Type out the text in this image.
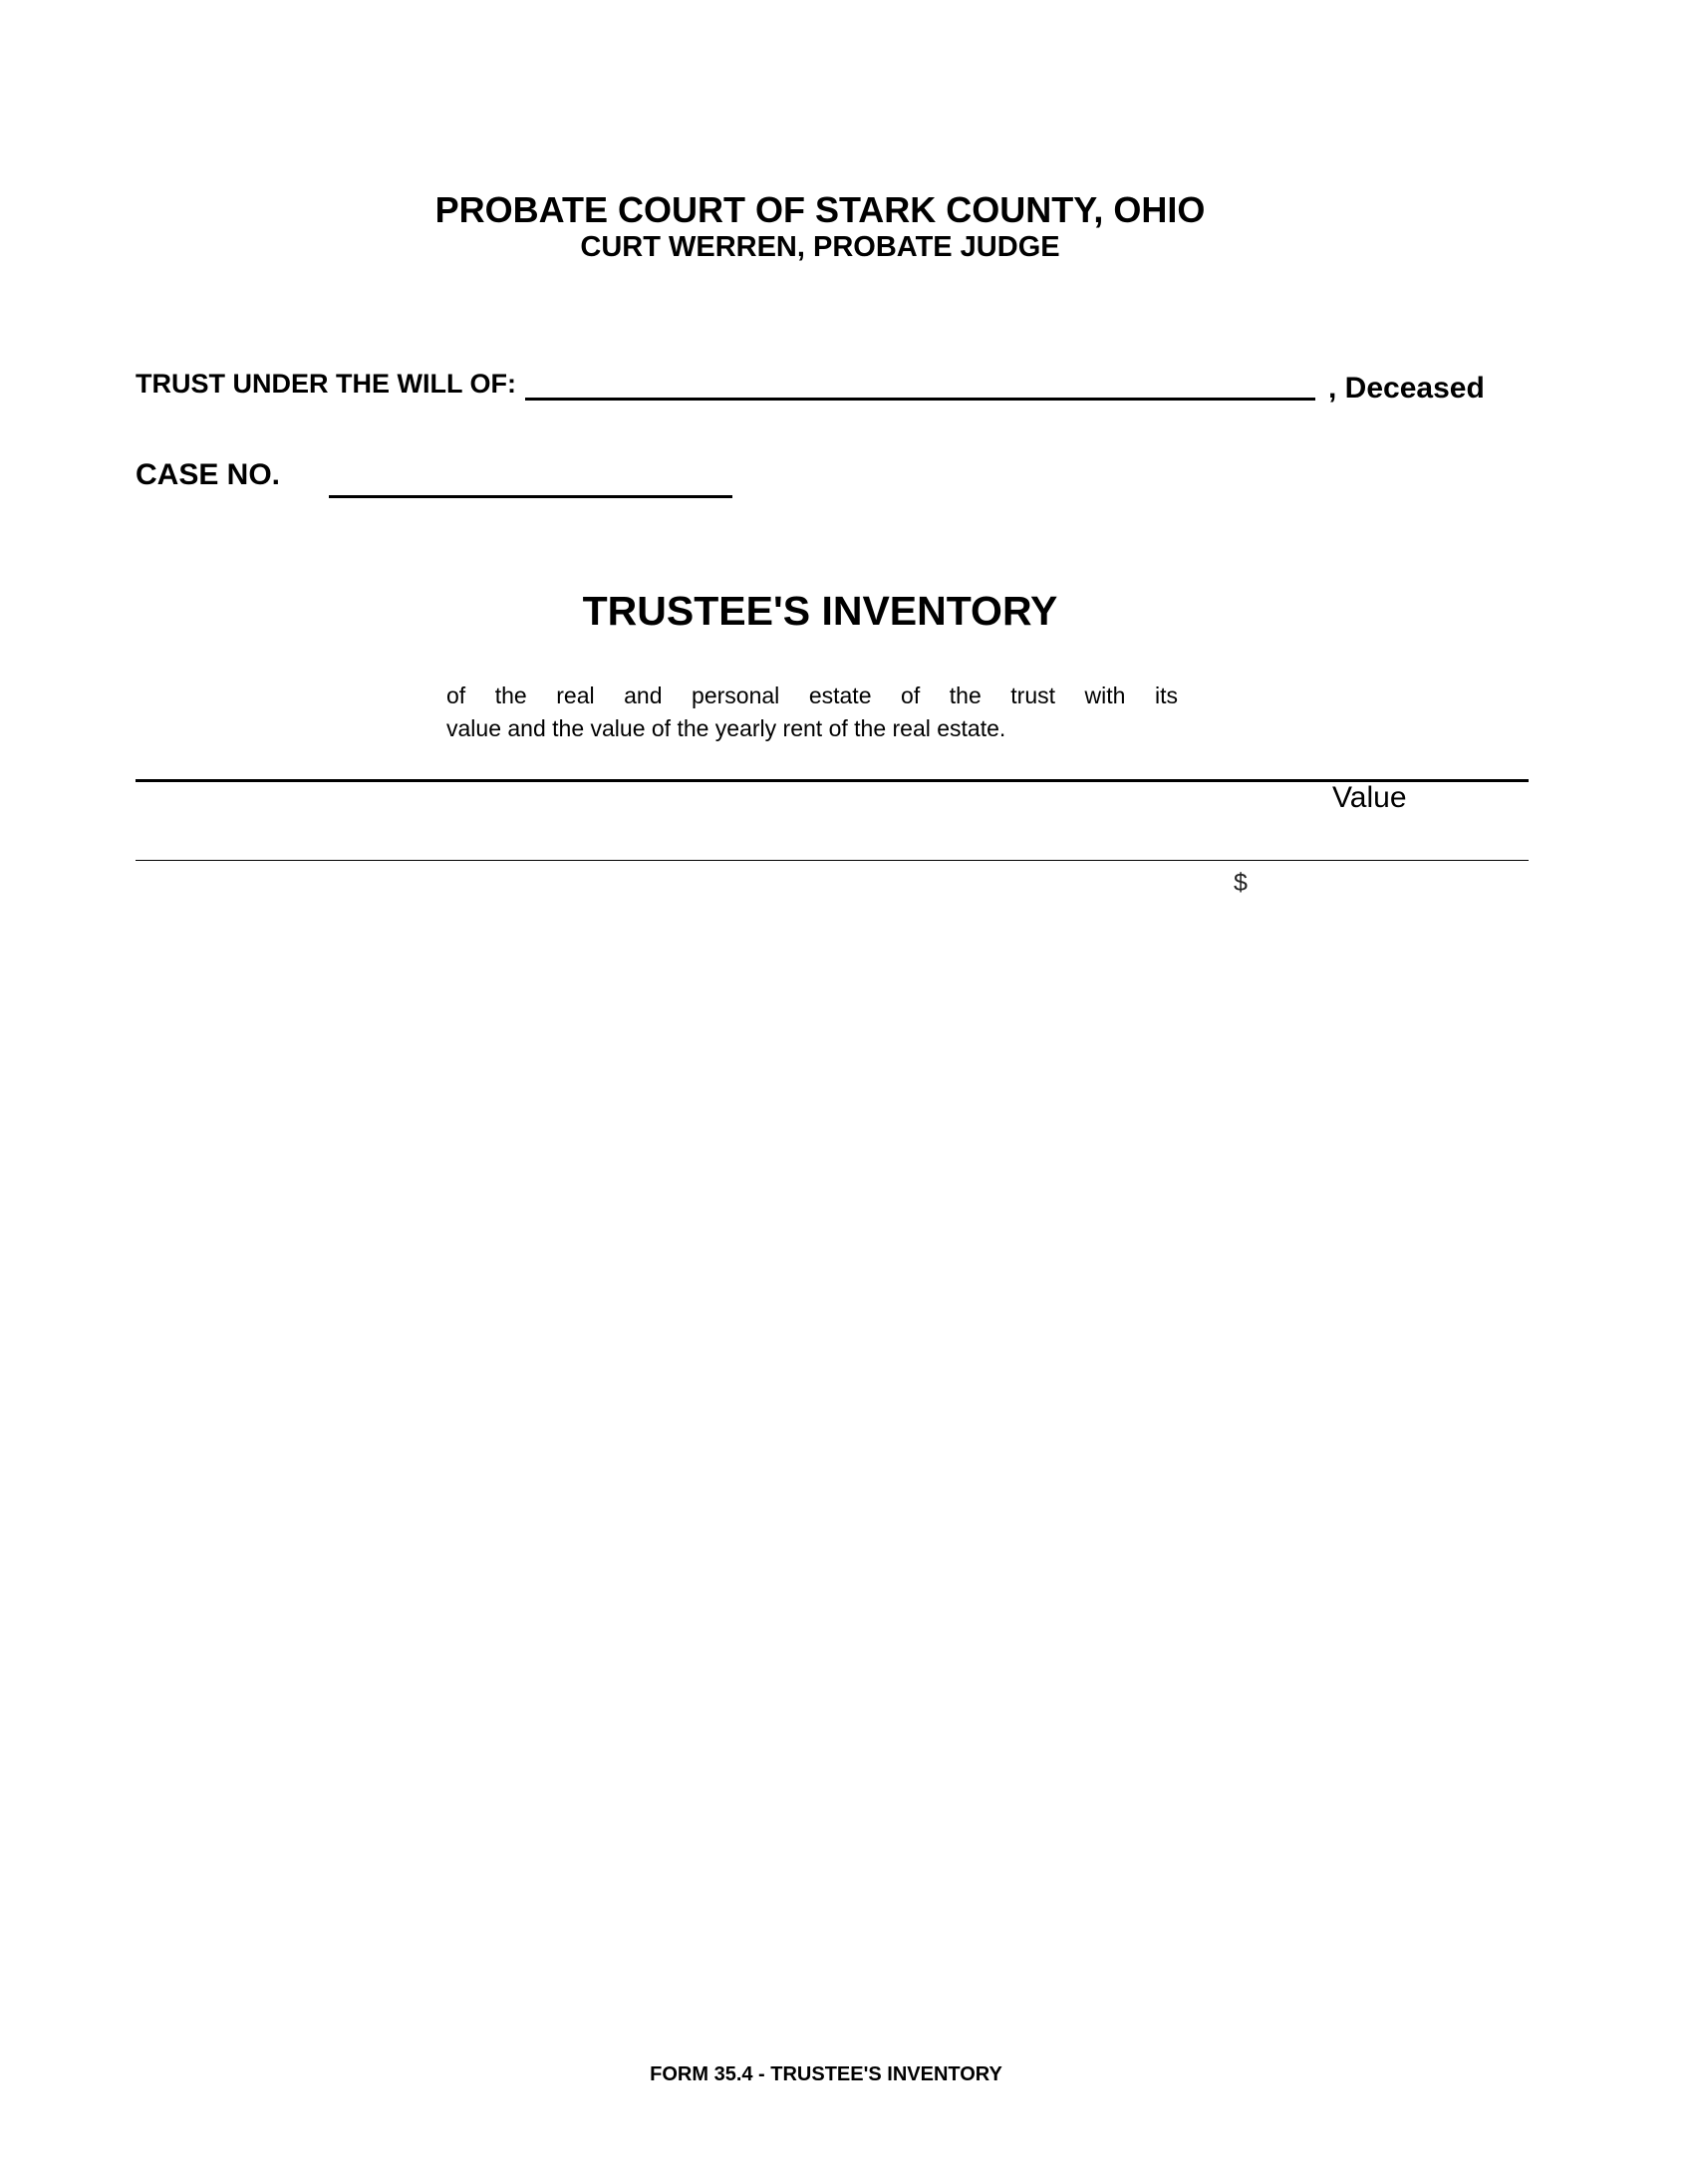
PROBATE COURT OF STARK COUNTY, OHIO
CURT WERREN, PROBATE JUDGE
TRUST UNDER THE WILL OF:	, Deceased
CASE NO.
TRUSTEE'S INVENTORY
of the real and personal estate of the trust with its
value and the value of the yearly rent of the real estate.
Value
$
FORM 35.4 - TRUSTEE'S INVENTORY
